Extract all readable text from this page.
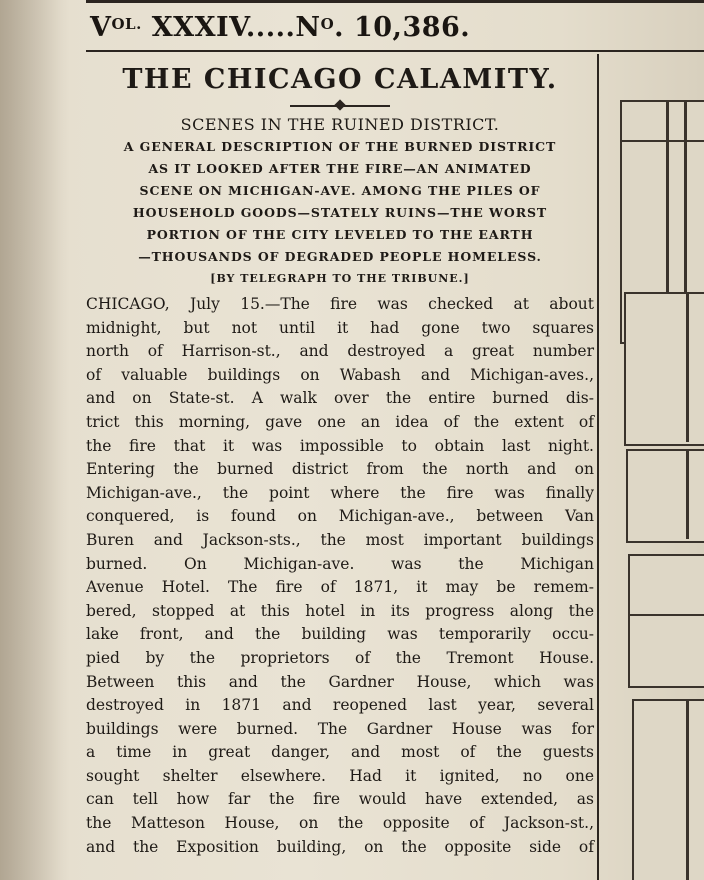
$V^{OL.}$ $XXXIV.....N^O$. 10,386.
THE CHICAGO CALAMITY.
SCENES IN THE RUINED DISTRICT.
A GENERAL DESCRIPTION OF THE BURNED DISTRICT
AS IT LOOKED AFTER THE FIRE—AN ANIMATED
SCENE ON MICHIGAN-AVE. AMONG THE PILES OF
HOUSEHOLD GOODS—STATELY RUINS—THE WORST
PORTION OF THE CITY LEVELED TO THE EARTH
—THOUSANDS OF DEGRADED PEOPLE HOMELESS.
[BY TELEGRAPH TO THE TRIBUNE.]
CHICAGO, July 15.—The fire was checked at about
midnight, but not until it had gone two squares
north of Harrison-st., and destroyed a great number
of valuable buildings on Wabash and Michigan-aves.,
and on State-st. A walk over the entire burned dis-
trict this morning, gave one an idea of the extent of
the fire that it was impossible to obtain last night.
Entering the burned district from the north and on
Michigan-ave., the point where the fire was finally
conquered, is found on Michigan-ave., between Van
Buren and Jackson-sts., the most important buildings
burned. On Michigan-ave. was the Michigan
Avenue Hotel. The fire of 1871, it may be remem-
bered, stopped at this hotel in its progress along the
lake front, and the building was temporarily occu-
pied by the proprietors of the Tremont House.
Between this and the Gardner House, which was
destroyed in 1871 and reopened last year, several
buildings were burned. The Gardner House was for
a time in great danger, and most of the guests
sought shelter elsewhere. Had it ignited, no one
can tell how far the fire would have extended, as
the Matteson House, on the opposite of Jackson-st.,
and the Exposition building, on the opposite side of
